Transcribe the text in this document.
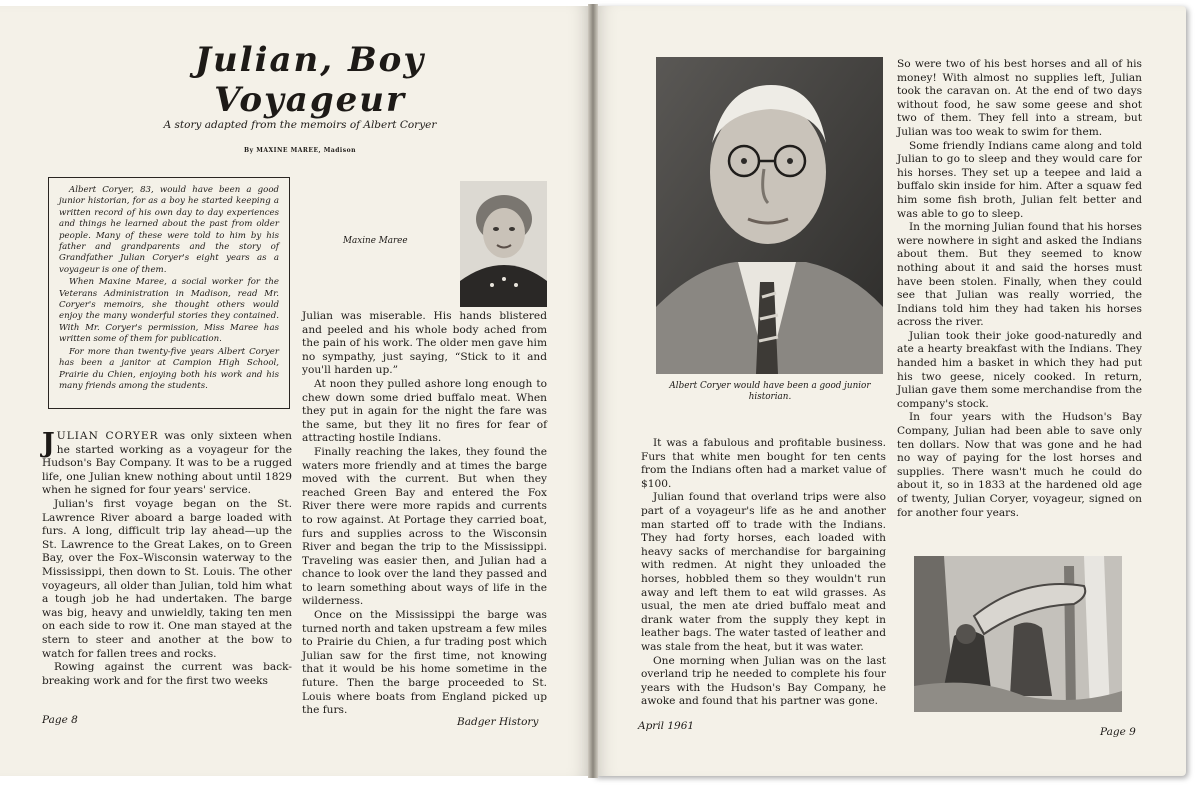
Julian, Boy Voyageur
A story adapted from the memoirs of Albert Coryer
By MAXINE MAREE, Madison

Albert Coryer, 83, would have been a good junior historian, for as a boy he started keeping a written record of his own day to day experiences and things he learned about the past from older people. Many of these were told to him by his father and grandparents and the story of Grandfather Julian Coryer's eight years as a voyageur is one of them.

When Maxine Maree, a social worker for the Veterans Administration in Madison, read Mr. Coryer's memoirs, she thought others would enjoy the many wonderful stories they contained. With Mr. Coryer's permission, Miss Maree has written some of them for publication.

For more than twenty-five years Albert Coryer has been a janitor at Campion High School, Prairie du Chien, enjoying both his work and his many friends among the students.

Maxine Maree

JULIAN CORYER was only sixteen when he started working as a voyageur for the Hudson's Bay Company. It was to be a rugged life, one Julian knew nothing about until 1829 when he signed for four years' service.

Julian's first voyage began on the St. Lawrence River aboard a barge loaded with furs. A long, difficult trip lay ahead—up the St. Lawrence to the Great Lakes, on to Green Bay, over the Fox–Wisconsin waterway to the Mississippi, then down to St. Louis. The other voyageurs, all older than Julian, told him what a tough job he had undertaken. The barge was big, heavy and unwieldly, taking ten men on each side to row it. One man stayed at the stern to steer and another at the bow to watch for fallen trees and rocks.

Rowing against the current was back-breaking work and for the first two weeks

Julian was miserable. His hands blistered and peeled and his whole body ached from the pain of his work. The older men gave him no sympathy, just saying, “Stick to it and you'll harden up.”

At noon they pulled ashore long enough to chew down some dried buffalo meat. When they put in again for the night the fare was the same, but they lit no fires for fear of attracting hostile Indians.

Finally reaching the lakes, they found the waters more friendly and at times the barge moved with the current. But when they reached Green Bay and entered the Fox River there were more rapids and currents to row against. At Portage they carried boat, furs and supplies across to the Wisconsin River and began the trip to the Mississippi. Traveling was easier then, and Julian had a chance to look over the land they passed and to learn something about ways of life in the wilderness.

Once on the Mississippi the barge was turned north and taken upstream a few miles to Prairie du Chien, a fur trading post which Julian saw for the first time, not knowing that it would be his home sometime in the future. Then the barge proceeded to St. Louis where boats from England picked up the furs.

Page 8	Badger History
Albert Coryer would have been a good junior historian.

It was a fabulous and profitable business. Furs that white men bought for ten cents from the Indians often had a market value of $100.

Julian found that overland trips were also part of a voyageur's life as he and another man started off to trade with the Indians. They had forty horses, each loaded with heavy sacks of merchandise for bargaining with redmen. At night they unloaded the horses, hobbled them so they wouldn't run away and left them to eat wild grasses. As usual, the men ate dried buffalo meat and drank water from the supply they kept in leather bags. The water tasted of leather and was stale from the heat, but it was water.

One morning when Julian was on the last overland trip he needed to complete his four years with the Hudson's Bay Company, he awoke and found that his partner was gone.

So were two of his best horses and all of his money! With almost no supplies left, Julian took the caravan on. At the end of two days without food, he saw some geese and shot two of them. They fell into a stream, but Julian was too weak to swim for them.

Some friendly Indians came along and told Julian to go to sleep and they would care for his horses. They set up a teepee and laid a buffalo skin inside for him. After a squaw fed him some fish broth, Julian felt better and was able to go to sleep.

In the morning Julian found that his horses were nowhere in sight and asked the Indians about them. But they seemed to know nothing about it and said the horses must have been stolen. Finally, when they could see that Julian was really worried, the Indians told him they had taken his horses across the river.

Julian took their joke good-naturedly and ate a hearty breakfast with the Indians. They handed him a basket in which they had put his two geese, nicely cooked. In return, Julian gave them some merchandise from the company's stock.

In four years with the Hudson's Bay Company, Julian had been able to save only ten dollars. Now that was gone and he had no way of paying for the lost horses and supplies. There wasn't much he could do about it, so in 1833 at the hardened old age of twenty, Julian Coryer, voyageur, signed on for another four years.

April 1961	Page 9
